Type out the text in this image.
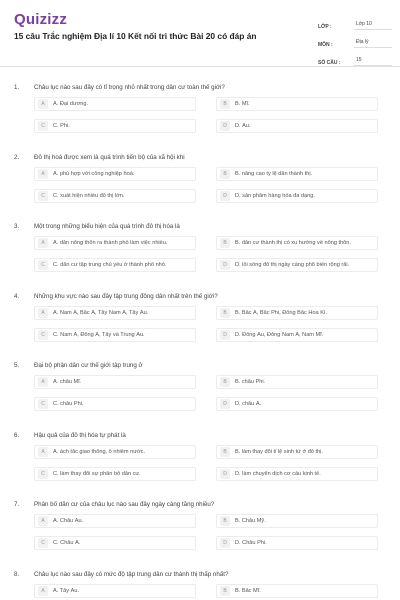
Quizizz
15 câu Trắc nghiệm Địa lí 10 Kết nối tri thức Bài 20 có đáp án
LỚP :	Lớp 10
MÔN :	Địa lý
SỐ CÂU :	15
1. Châu lục nào sau đây có tỉ trọng nhỏ nhất trong dân cư toàn thế giới?
A	A. Đại dương.	B	B. Mĩ.
C	C. Phi.	D	D. Âu.
2. Đô thị hoá được xem là quá trình tiến bộ của xã hội khi
A	A. phù hợp với công nghiệp hoá.	B	B. nâng cao tỷ lệ dân thành thị.
C	C. xuất hiện nhiều đô thị lớn.	D	D. sản phẩm hàng hóa đa dạng.
3. Một trong những biểu hiện của quá trình đô thị hóa là
A	A. dân nông thôn ra thành phố làm việc nhiều.	B	B. dân cư thành thị có xu hướng về nông thôn.
C	C. dân cư tập trung chủ yếu ở thành phố nhỏ.	D	D. lối sống đô thị ngày càng phổ biến rộng rãi.
4. Những khu vực nào sau đây tập trung đông dân nhất trên thế giới?
A	A. Nam Á, Bắc Á, Tây Nam Á, Tây Âu.	B	B. Bắc Á, Bắc Phi, Đông Bắc Hoa Kì.
C	C. Nam Á, Đông Á, Tây và Trung Âu.	D	D. Đông Âu, Đông Nam Á, Nam Mĩ.
5. Đại bộ phận dân cư thế giới tập trung ở
A	A. châu Mĩ.	B	B. châu Phi.
C	C. châu Phi.	D	D. châu Á.
6. Hậu quả của đô thị hóa tự phát là
A	A. ách tắc giao thông, ô nhiễm nước.	B	B. làm thay đổi tỉ lệ sinh tử ở đô thị.
C	C. làm thay đổi sự phân bố dân cư.	D	D. làm chuyển dịch cơ cấu kinh tế.
7. Phân bố dân cư của châu lục nào sau đây ngày càng tăng nhiều?
A	A. Châu Âu.	B	B. Châu Mỹ.
C	C. Châu Á.	D	D. Châu Phi.
8. Châu lục nào sau đây có mức độ tập trung dân cư thành thị thấp nhất?
A	A. Tây Âu.	B	B. Bắc Mĩ.
